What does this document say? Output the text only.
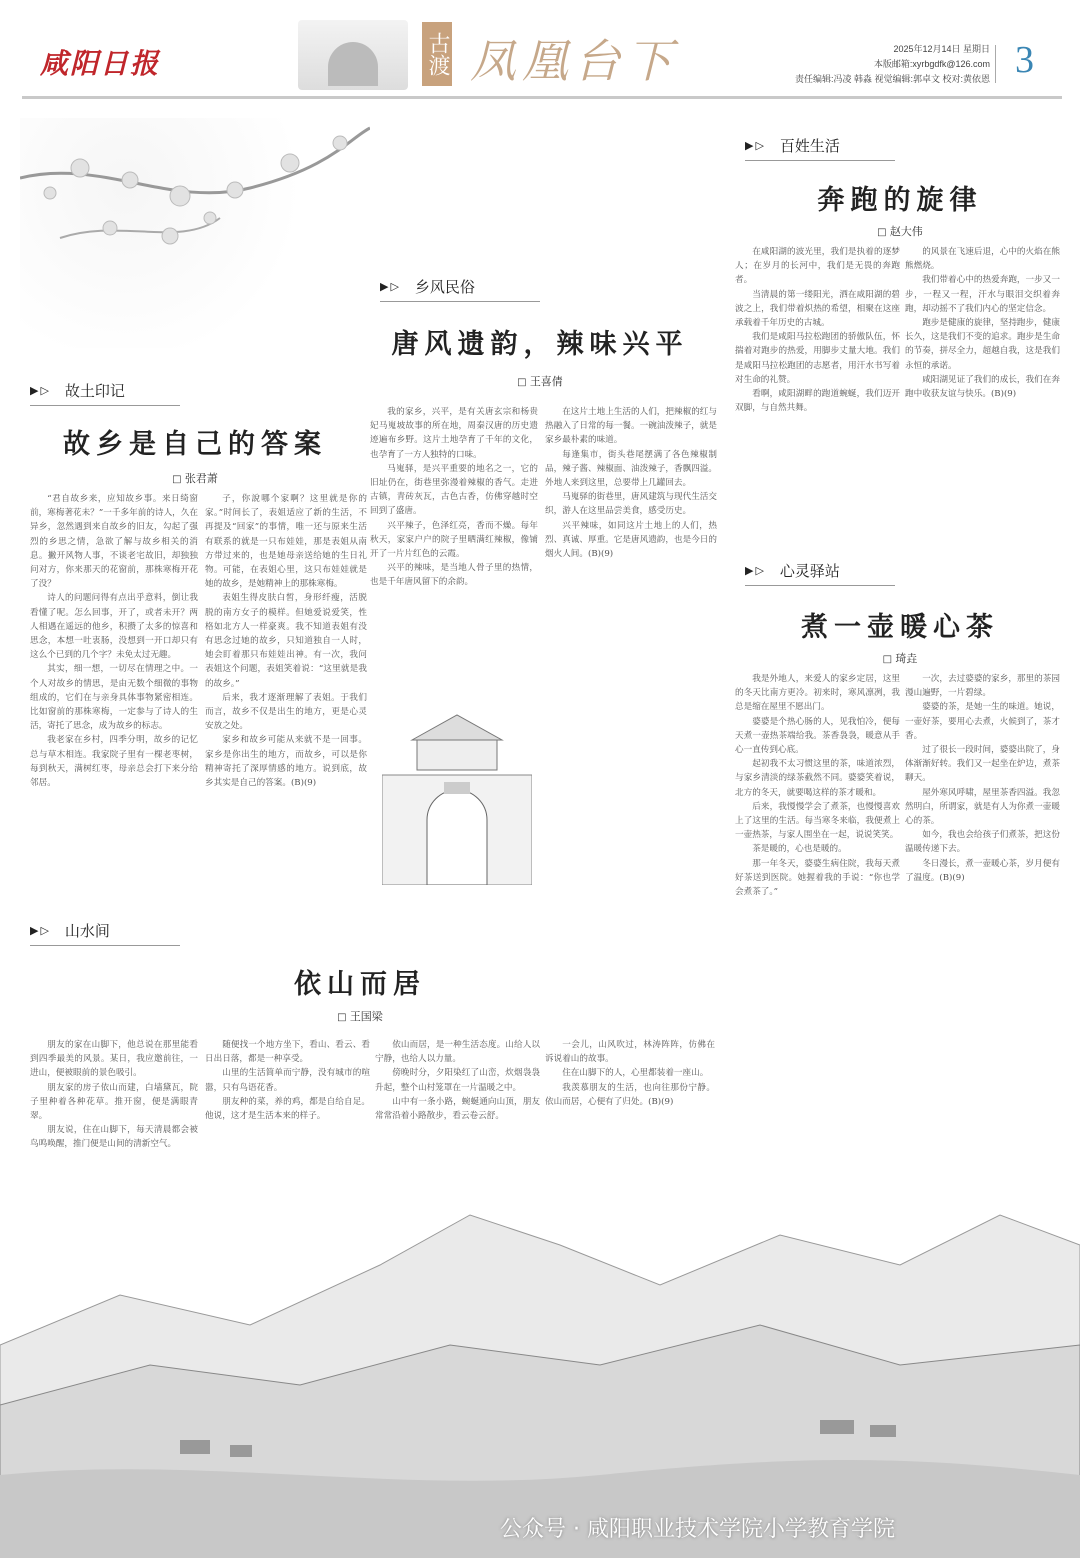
咸阳日报	古渡 凤凰台下	2025年12月14日 星期日
本版邮箱:xyrbgdfk@126.com
责任编辑:冯凌 韩淼 视觉编辑:郭卓文 校对:黄依恩 3
▶▷ 故土印记
故乡是自己的答案
□ 张君萧

“君自故乡来，应知故乡事。来日绮窗前，寒梅著花未？”一千多年前的诗人，久在异乡，忽然遇到来自故乡的旧友，勾起了强烈的乡思之情，急欲了解与故乡相关的消息。撇开风物人事，不谈老宅故旧，却独独问对方，你来那天的花窗前，那株寒梅开花了没？

诗人的问题问得有点出乎意料，倒让我看懂了呢。怎么回事，开了，或者未开？两人相遇在遥远的他乡，积攒了太多的惊喜和思念，本想一吐衷肠，没想到一开口却只有这么个已到的几个字？未免太过无趣。

其实，细一想，一切尽在情理之中。一个人对故乡的情思，是由无数个细微的事物组成的，它们在与亲身具体事物紧密相连。比如窗前的那株寒梅，一定参与了诗人的生活，寄托了思念，成为故乡的标志。

我老家在乡村，四季分明，故乡的记忆总与草木相连。我家院子里有一棵老枣树，每到秋天，满树红枣，母亲总会打下来分给邻居。

子，你說哪个家啊？这里就是你的家。”时间长了，表姐适应了新的生活，不再提及“回家”的事情，唯一还与原来生活有联系的就是一只布娃娃，那是表姐从南方带过来的，也是她母亲送给她的生日礼物。可能，在表姐心里，这只布娃娃就是她的故乡，是她精神上的那株寒梅。

表姐生得皮肤白皙，身形纤瘦，活脱脱的南方女子的模样。但她爱说爱笑，性格如北方人一样豪爽。我不知道表姐有没有思念过她的故乡，只知道独自一人时，她会盯着那只布娃娃出神。有一次，我问表姐这个问题，表姐笑着说：“这里就是我的故乡。”

后来，我才逐渐理解了表姐。于我们而言，故乡不仅是出生的地方，更是心灵安放之处。

家乡和故乡可能从来就不是一回事。家乡是你出生的地方，而故乡，可以是你精神寄托了深厚情感的地方。说到底，故乡其实是自己的答案。(B)(9)

▶▷ 乡风民俗
唐风遗韵，辣味兴平
□ 王喜倩

我的家乡，兴平，是有关唐玄宗和杨贵妃马嵬坡故事的所在地，周秦汉唐的历史遗迹遍布乡野。这片土地孕育了千年的文化，也孕育了一方人独特的口味。

马嵬驿，是兴平重要的地名之一，它的旧址仍在，街巷里弥漫着辣椒的香气。走进古镇，青砖灰瓦，古色古香，仿佛穿越时空回到了盛唐。

兴平辣子，色泽红亮，香而不燥。每年秋天，家家户户的院子里晒满红辣椒，像铺开了一片片红色的云霞。

兴平的辣味，是当地人骨子里的热情，也是千年唐风留下的余韵。

在这片土地上生活的人们，把辣椒的红与热融入了日常的每一餐。一碗油泼辣子，就是家乡最朴素的味道。

每逢集市，街头巷尾摆满了各色辣椒制品，辣子酱、辣椒面、油泼辣子，香飘四溢。外地人来到这里，总要带上几罐回去。

马嵬驿的街巷里，唐风建筑与现代生活交织，游人在这里品尝美食，感受历史。

兴平辣味，如同这片土地上的人们，热烈、真诚、厚重。它是唐风遗韵，也是今日的烟火人间。(B)(9)

▶▷ 百姓生活
奔跑的旋律
□ 赵大伟

在咸阳湖的波光里，我们是执着的逐梦人；在岁月的长河中，我们是无畏的奔跑者。

当清晨的第一缕阳光，洒在咸阳湖的碧波之上，我们带着炽热的希望，相聚在这座承载着千年历史的古城。

我们是咸阳马拉松跑团的骄傲队伍，怀揣着对跑步的热爱，用脚步丈量大地。我们是咸阳马拉松跑团的志愿者，用汗水书写着对生命的礼赞。

看啊，咸阳湖畔的跑道蜿蜒，我们迈开双脚，与自然共舞。

的风景在飞速后退，心中的火焰在熊熊燃烧。

我们带着心中的热爱奔跑，一步又一步，一程又一程，汗水与眼泪交织着奔跑，却动摇不了我们内心的坚定信念。

跑步是健康的旋律，坚持跑步，健康长久，这是我们不变的追求。跑步是生命的节奏，拼尽全力，超越自我，这是我们永恒的承诺。

咸阳湖见证了我们的成长，我们在奔跑中收获友谊与快乐。(B)(9)

▶▷ 心灵驿站
煮一壶暖心茶
□ 琦垚

我是外地人，来爱人的家乡定居，这里的冬天比南方更冷。初来时，寒风凛冽，我总是缩在屋里不愿出门。

婆婆是个热心肠的人，见我怕冷，便每天煮一壶热茶端给我。茶香袅袅，暖意从手心一直传到心底。

起初我不太习惯这里的茶，味道浓烈，与家乡清淡的绿茶截然不同。婆婆笑着说，北方的冬天，就要喝这样的茶才暖和。

后来，我慢慢学会了煮茶，也慢慢喜欢上了这里的生活。每当寒冬来临，我便煮上一壶热茶，与家人围坐在一起，说说笑笑。

茶是暖的，心也是暖的。

那一年冬天，婆婆生病住院，我每天煮好茶送到医院。她握着我的手说：“你也学会煮茶了。”

一次，去过婆婆的家乡，那里的茶园漫山遍野，一片碧绿。

婆婆的茶，是她一生的味道。她说，一壶好茶，要用心去煮，火候到了，茶才香。

过了很长一段时间，婆婆出院了，身体渐渐好转。我们又一起坐在炉边，煮茶聊天。

屋外寒风呼啸，屋里茶香四溢。我忽然明白，所谓家，就是有人为你煮一壶暖心的茶。

如今，我也会给孩子们煮茶，把这份温暖传递下去。

冬日漫长，煮一壶暖心茶，岁月便有了温度。(B)(9)

▶▷ 山水间
依山而居
□ 王国梁

朋友的家在山脚下，他总说在那里能看到四季最美的风景。某日，我应邀前往，一进山，便被眼前的景色吸引。

朋友家的房子依山而建，白墙黛瓦，院子里种着各种花草。推开窗，便是满眼青翠。

朋友说，住在山脚下，每天清晨都会被鸟鸣唤醒，推门便是山间的清新空气。

随便找一个地方坐下，看山、看云、看日出日落，都是一种享受。

山里的生活简单而宁静，没有城市的喧嚣，只有鸟语花香。

朋友种的菜，养的鸡，都是自给自足。他说，这才是生活本来的样子。

依山而居，是一种生活态度。山给人以宁静，也给人以力量。

傍晚时分，夕阳染红了山峦，炊烟袅袅升起，整个山村笼罩在一片温暖之中。

山中有一条小路，蜿蜒通向山顶，朋友常常沿着小路散步，看云卷云舒。

一会儿，山风吹过，林涛阵阵，仿佛在诉说着山的故事。

住在山脚下的人，心里都装着一座山。

我羡慕朋友的生活，也向往那份宁静。依山而居，心便有了归处。(B)(9)

公众号 · 咸阳职业技术学院小学教育学院
